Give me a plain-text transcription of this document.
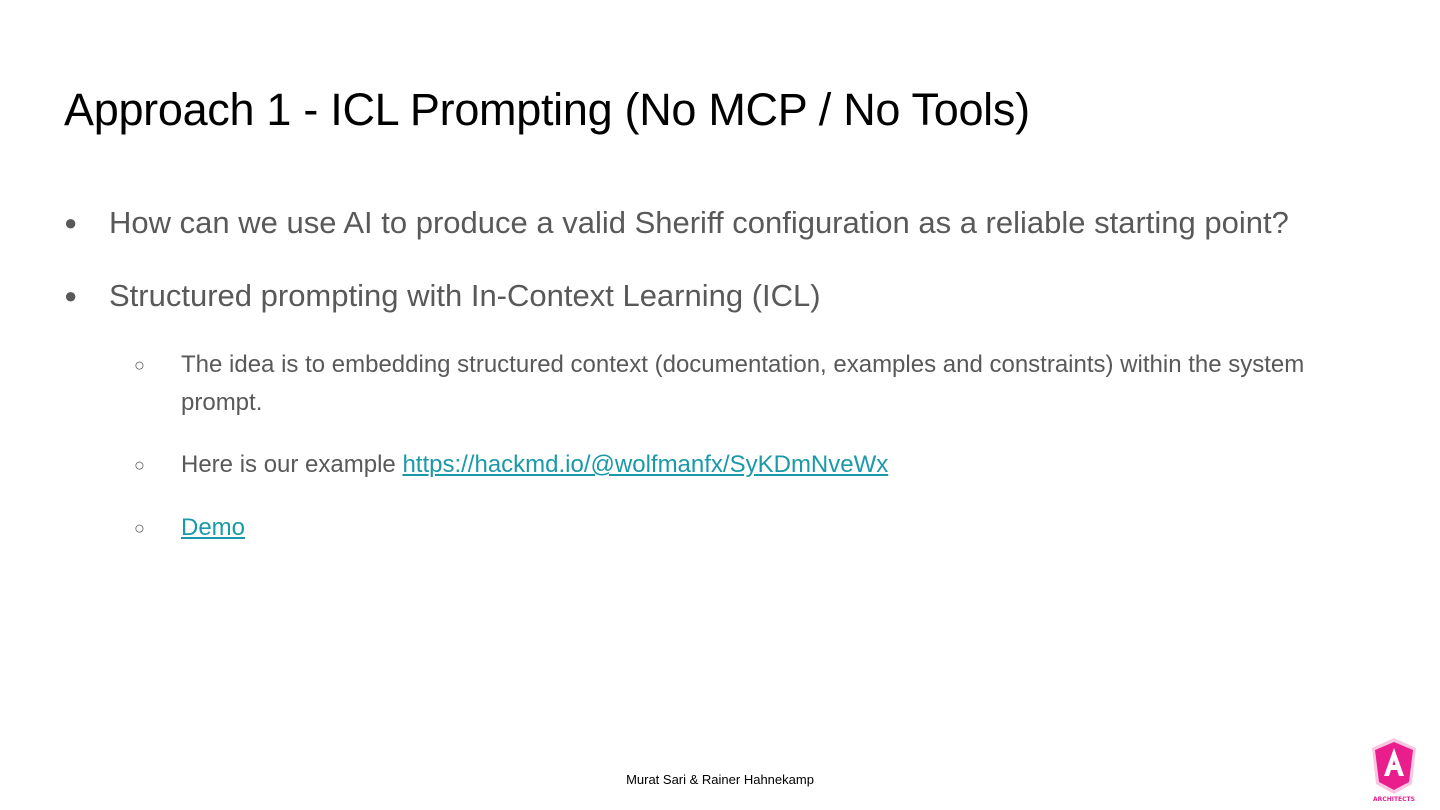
Approach 1 - ICL Prompting (No MCP / No Tools)
●	How can we use AI to produce a valid Sheriff configuration as a reliable starting point?
●	Structured prompting with In-Context Learning (ICL)
○	The idea is to embedding structured context (documentation, examples and constraints) within the system prompt.
○	Here is our example https://hackmd.io/@wolfmanfx/SyKDmNveWx
○	Demo
Murat Sari & Rainer Hahnekamp
ARCHITECTS
